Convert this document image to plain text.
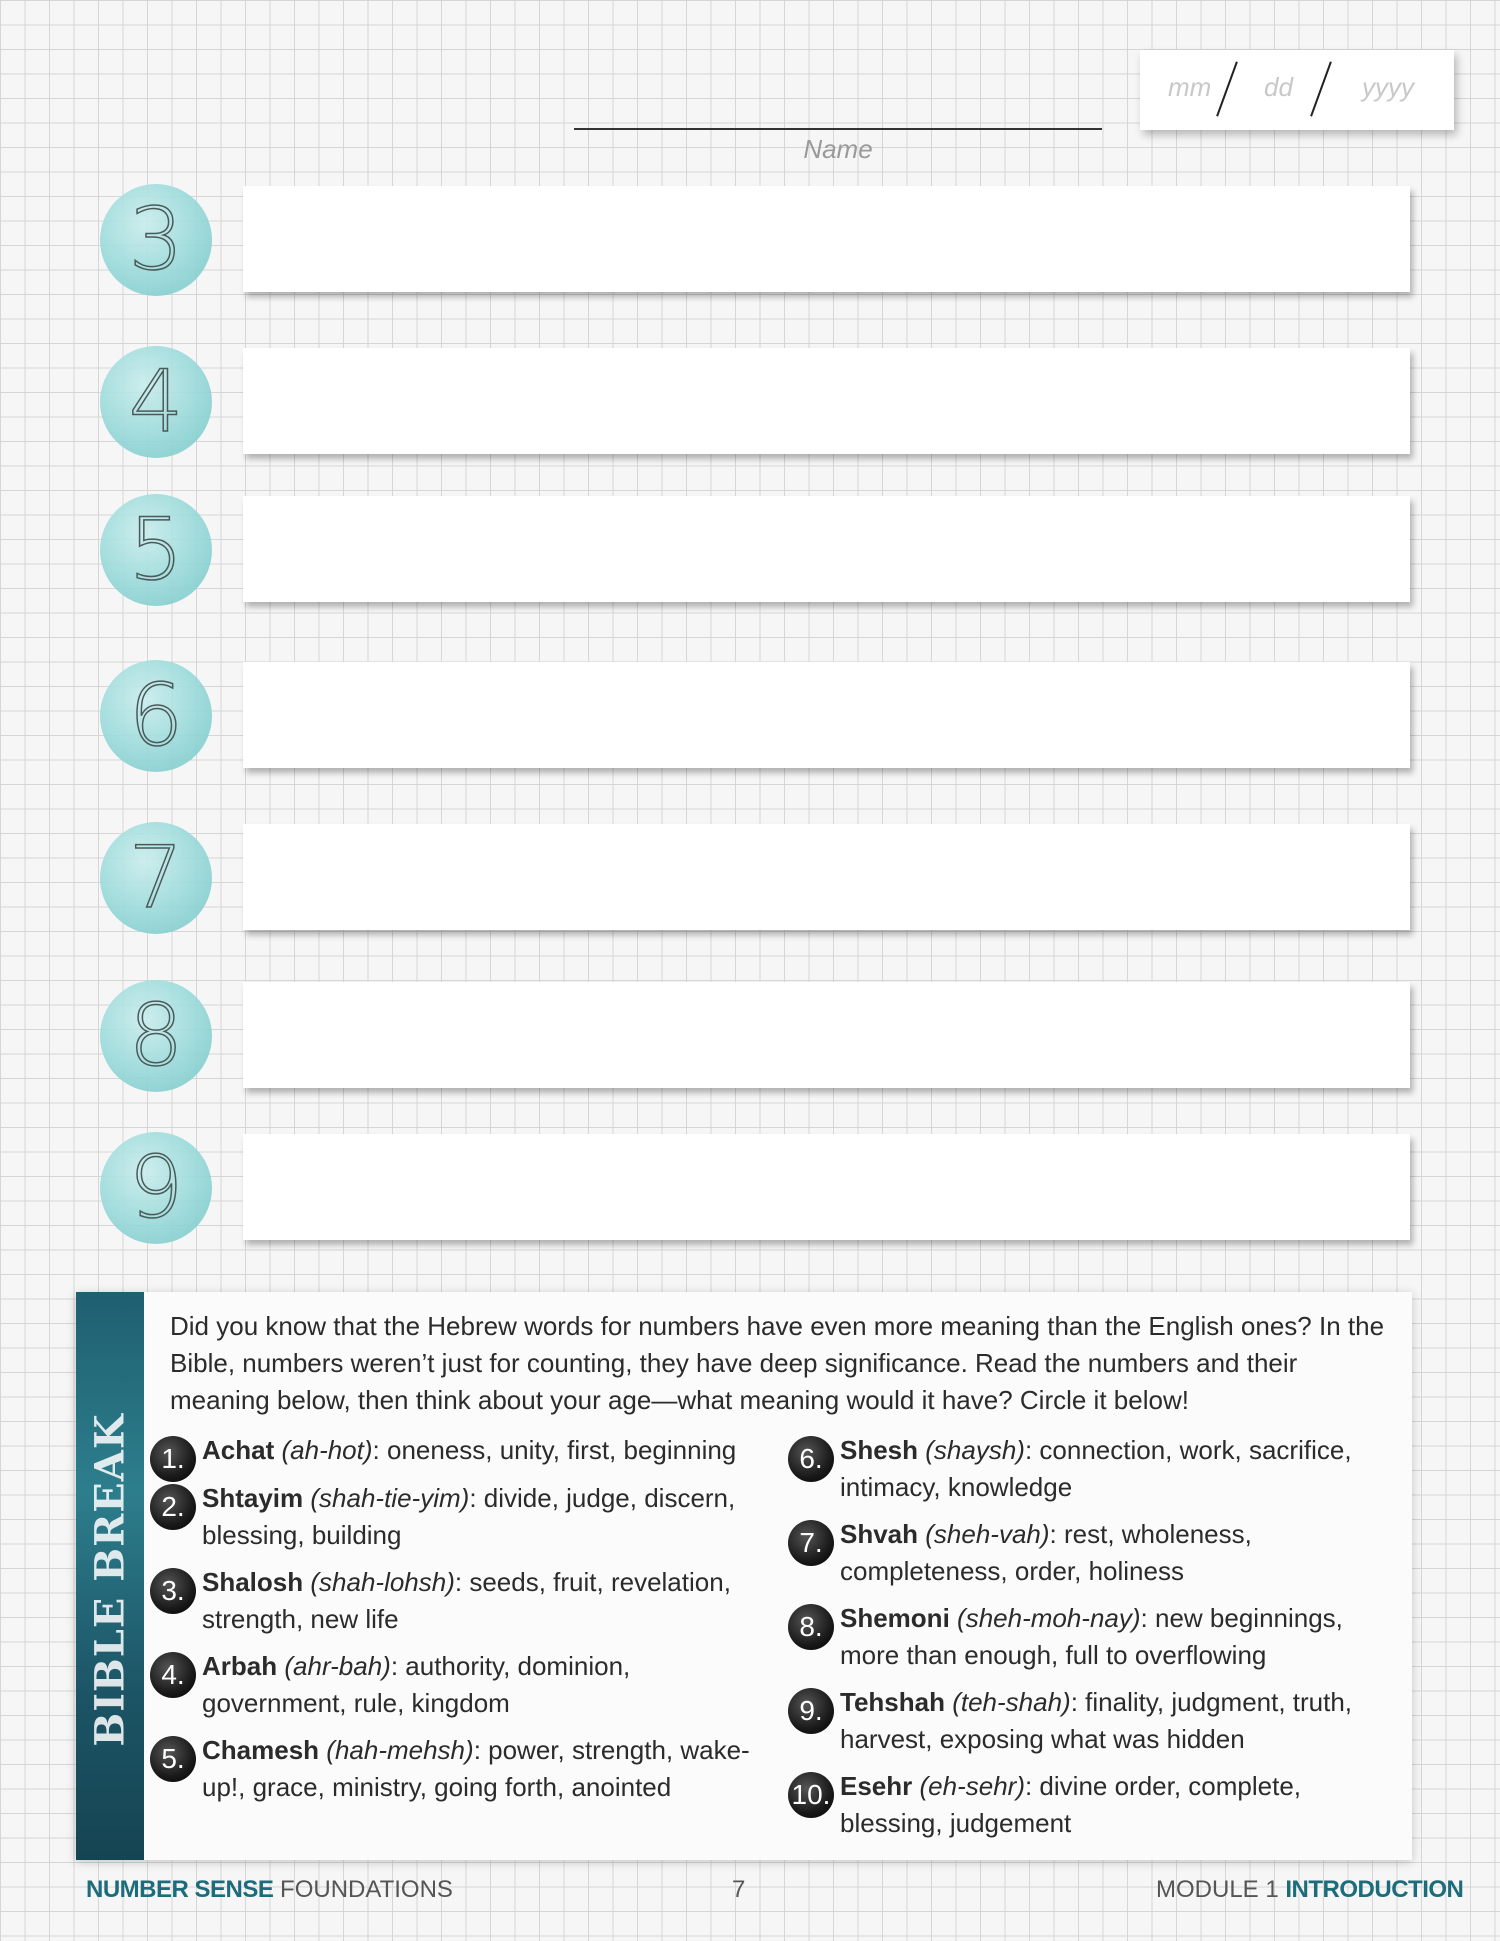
mm dd	yyyy
Name
3
4
5
6
7
8
9
BIBLE BREAK
Did you know that the Hebrew words for numbers have even more meaning than the English ones? In the Bible, numbers weren’t just for counting, they have deep significance. Read the numbers and their meaning below, then think about your age—what meaning would it have? Circle it below!
1. Achat (ah-hot): oneness, unity, first, beginning
2. Shtayim (shah-tie-yim): divide, judge, discern, blessing, building
3. Shalosh (shah-lohsh): seeds, fruit, revelation, strength, new life
4. Arbah (ahr-bah): authority, dominion, government, rule, kingdom
5. Chamesh (hah-mehsh): power, strength, wake-up!, grace, ministry, going forth, anointed
6. Shesh (shaysh): connection, work, sacrifice, intimacy, knowledge
7. Shvah (sheh-vah): rest, wholeness, completeness, order, holiness
8. Shemoni (sheh-moh-nay): new beginnings, more than enough, full to overflowing
9. Tehshah (teh-shah): finality, judgment, truth, harvest, exposing what was hidden
10. Esehr (eh-sehr): divine order, complete, blessing, judgement
NUMBER SENSE FOUNDATIONS	7	MODULE 1 INTRODUCTION
